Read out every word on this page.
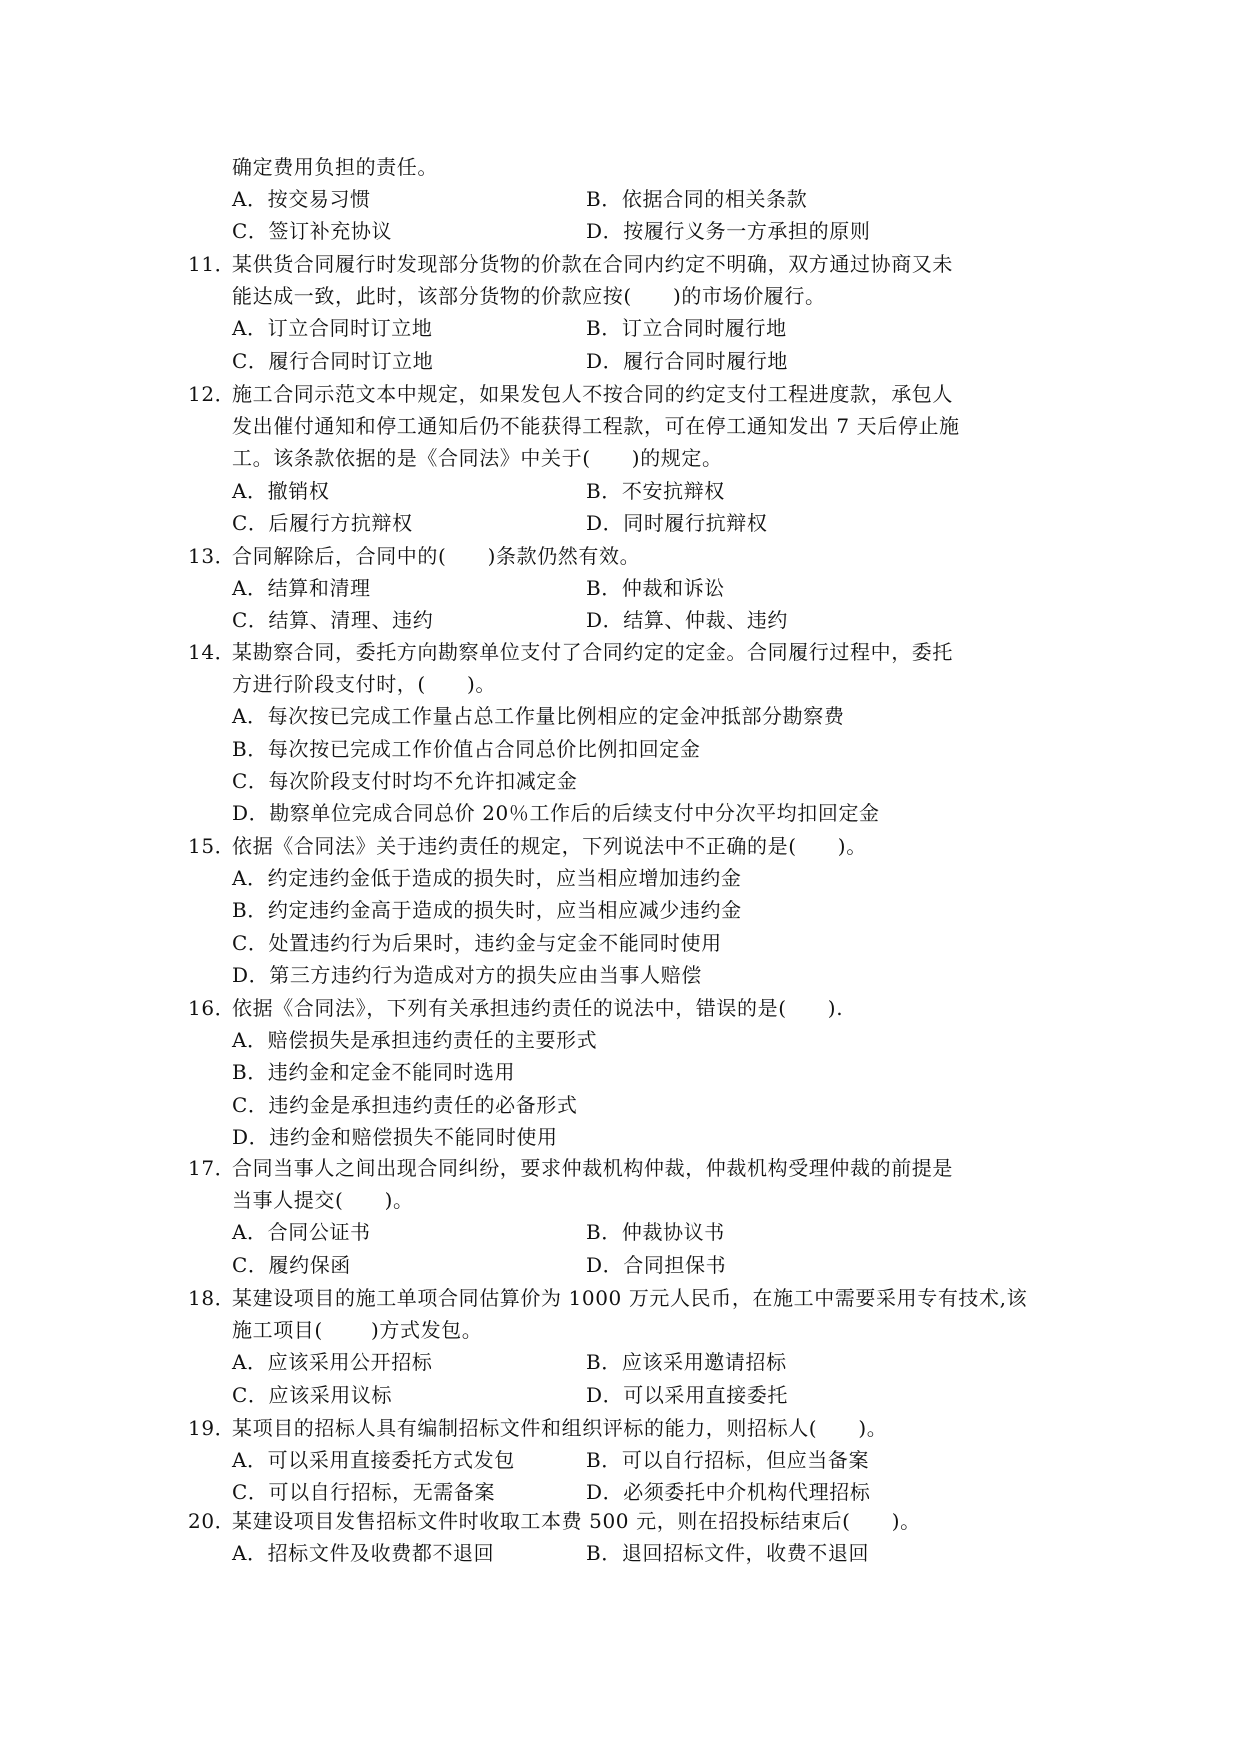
确定费用负担的责任。
A．按交易习惯	B．依据合同的相关条款
C．签订补充协议	D．按履行义务一方承担的原则
11．
某供货合同履行时发现部分货物的价款在合同内约定不明确，双方通过协商又未
能达成一致，此时，该部分货物的价款应按(　　)的市场价履行。
A．订立合同时订立地	B．订立合同时履行地
C．履行合同时订立地	D．履行合同时履行地
12．
施工合同示范文本中规定，如果发包人不按合同的约定支付工程进度款，承包人
发出催付通知和停工通知后仍不能获得工程款，可在停工通知发出 7 天后停止施
工。该条款依据的是《合同法》中关于(　　)的规定。
A．撤销权	B．不安抗辩权
C．后履行方抗辩权	D．同时履行抗辩权
13．
合同解除后，合同中的(　　)条款仍然有效。
A．结算和清理	B．仲裁和诉讼
C．结算、清理、违约	D．结算、仲裁、违约
14．
某勘察合同，委托方向勘察单位支付了合同约定的定金。合同履行过程中，委托
方进行阶段支付时，(　　)。
A．每次按已完成工作量占总工作量比例相应的定金冲抵部分勘察费
B．每次按已完成工作价值占合同总价比例扣回定金
C．每次阶段支付时均不允许扣减定金
D．勘察单位完成合同总价 20％工作后的后续支付中分次平均扣回定金
15．
依据《合同法》关于违约责任的规定，下列说法中不正确的是(　　)。
A．约定违约金低于造成的损失时，应当相应增加违约金
B．约定违约金高于造成的损失时，应当相应减少违约金
C．处置违约行为后果时，违约金与定金不能同时使用
D．第三方违约行为造成对方的损失应由当事人赔偿
16．
依据《合同法》，下列有关承担违约责任的说法中，错误的是(　　).
A．赔偿损失是承担违约责任的主要形式
B．违约金和定金不能同时选用
C．违约金是承担违约责任的必备形式
D．违约金和赔偿损失不能同时使用
17．
合同当事人之间出现合同纠纷，要求仲裁机构仲裁，仲裁机构受理仲裁的前提是
当事人提交(　　)。
A．合同公证书	B．仲裁协议书
C．履约保函	D．合同担保书
18．
某建设项目的施工单项合同估算价为 1000 万元人民币，在施工中需要采用专有技术,该
施工项目(　　 )方式发包。
A．应该采用公开招标	B．应该采用邀请招标
C．应该采用议标	D．可以采用直接委托
19．
某项目的招标人具有编制招标文件和组织评标的能力，则招标人(　　)。
A．可以采用直接委托方式发包	B．可以自行招标，但应当备案
C．可以自行招标，无需备案	D．必须委托中介机构代理招标
20．
某建设项目发售招标文件时收取工本费 500 元，则在招投标结束后(　　)。
A．招标文件及收费都不退回	B．退回招标文件，收费不退回
